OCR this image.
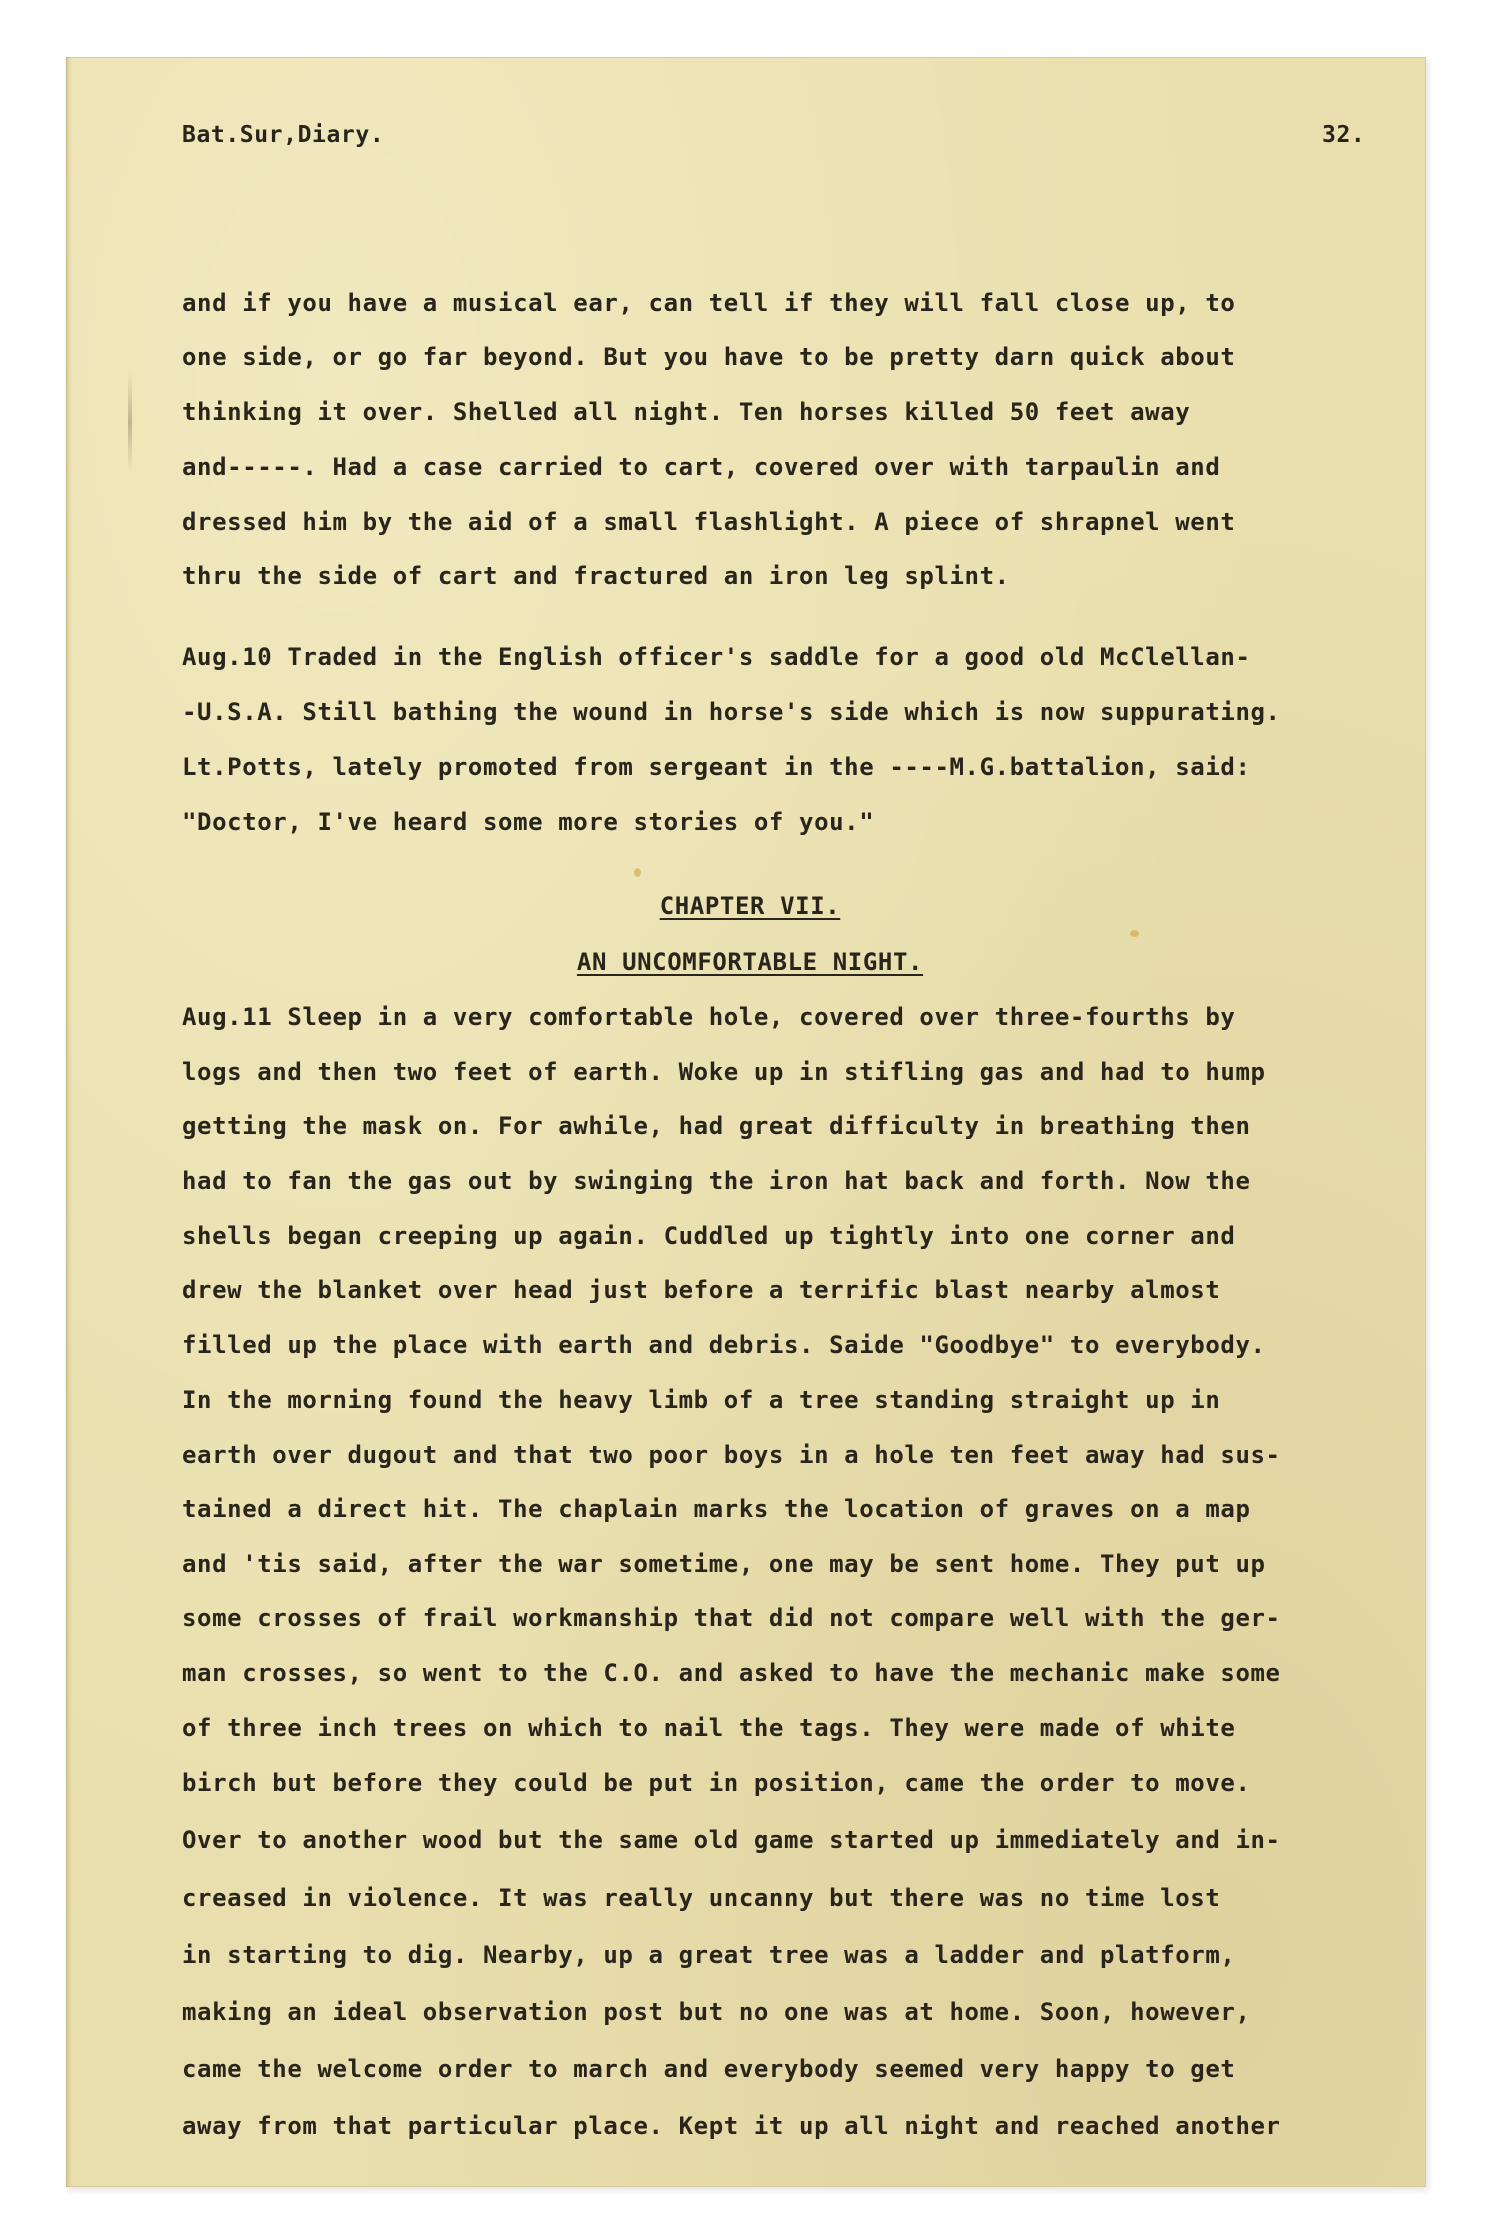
Bat.Sur,Diary.	32.
and if you have a musical ear, can tell if they will fall close up, to
one side, or go far beyond. But you have to be pretty darn quick about
thinking it over. Shelled all night. Ten horses killed 50 feet away
and-----. Had a case carried to cart, covered over with tarpaulin and
dressed him by the aid of a small flashlight. A piece of shrapnel went
thru the side of cart and fractured an iron leg splint.
Aug.10 Traded in the English officer's saddle for a good old McClellan-
-U.S.A. Still bathing the wound in horse's side which is now suppurating.
Lt.Potts, lately promoted from sergeant in the ----M.G.battalion, said:
"Doctor, I've heard some more stories of you."
CHAPTER VII.
AN UNCOMFORTABLE NIGHT.
Aug.11 Sleep in a very comfortable hole, covered over three-fourths by
logs and then two feet of earth. Woke up in stifling gas and had to hump
getting the mask on. For awhile, had great difficulty in breathing then
had to fan the gas out by swinging the iron hat back and forth. Now the
shells began creeping up again. Cuddled up tightly into one corner and
drew the blanket over head just before a terrific blast nearby almost
filled up the place with earth and debris. Saide "Goodbye" to everybody.
In the morning found the heavy limb of a tree standing straight up in
earth over dugout and that two poor boys in a hole ten feet away had sus-
tained a direct hit. The chaplain marks the location of graves on a map
and 'tis said, after the war sometime, one may be sent home. They put up
some crosses of frail workmanship that did not compare well with the ger-
man crosses, so went to the C.O. and asked to have the mechanic make some
of three inch trees on which to nail the tags. They were made of white
birch but before they could be put in position, came the order to move.
Over to another wood but the same old game started up immediately and in-
creased in violence. It was really uncanny but there was no time lost
in starting to dig. Nearby, up a great tree was a ladder and platform,
making an ideal observation post but no one was at home. Soon, however,
came the welcome order to march and everybody seemed very happy to get
away from that particular place. Kept it up all night and reached another
